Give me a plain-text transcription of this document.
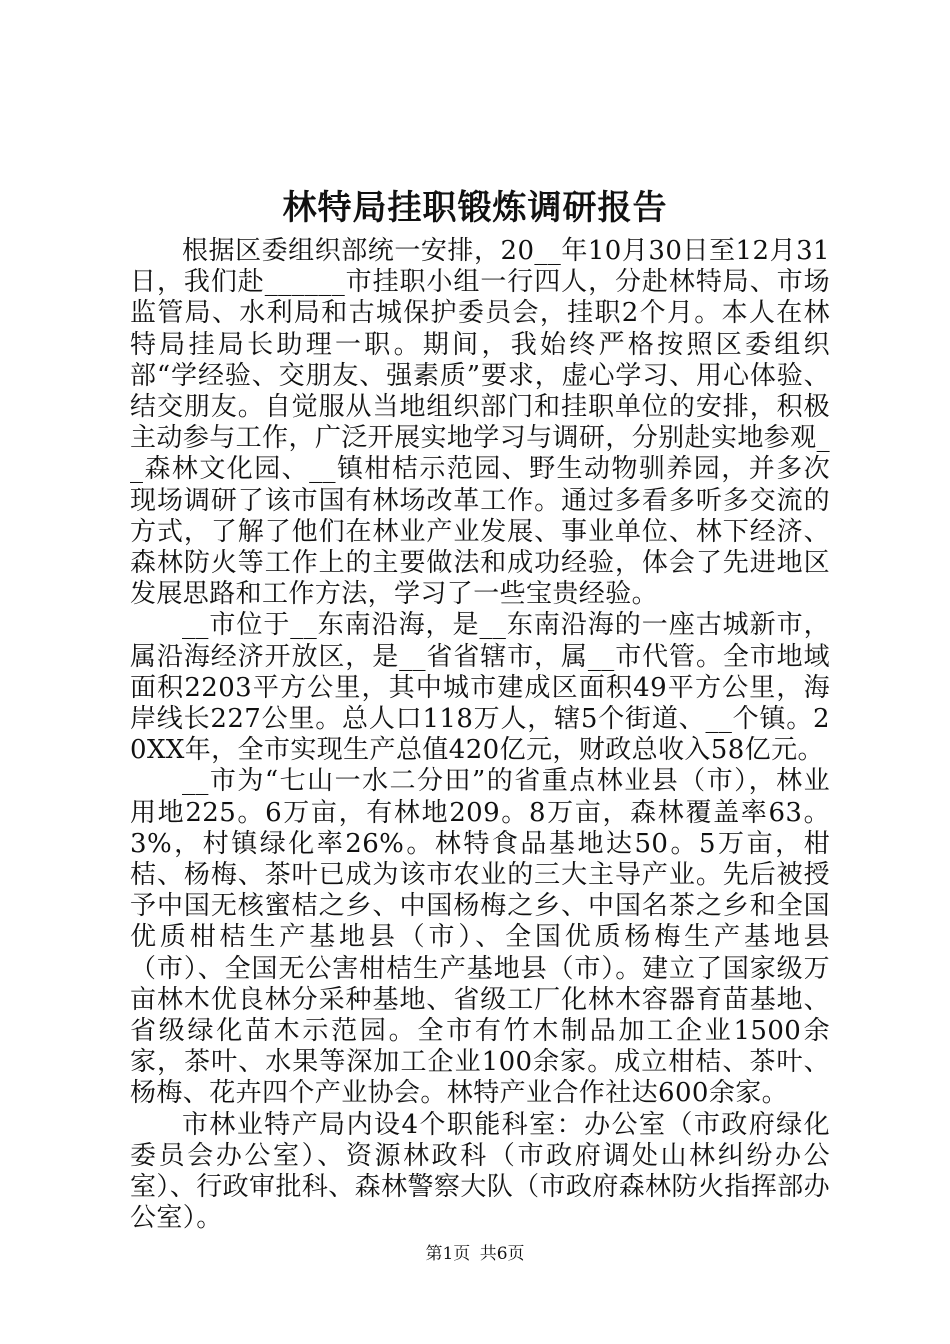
林特局挂职锻炼调研报告

根据区委组织部统一安排，20__年10月30日至12月31日，我们赴______市挂职小组一行四人，分赴林特局、市场监管局、水利局和古城保护委员会，挂职2个月。本人在林特局挂局长助理一职。期间，我始终严格按照区委组织部“学经验、交朋友、强素质”要求，虚心学习、用心体验、结交朋友。自觉服从当地组织部门和挂职单位的安排，积极主动参与工作，广泛开展实地学习与调研，分别赴实地参观__森林文化园、__镇柑桔示范园、野生动物驯养园，并多次现场调研了该市国有林场改革工作。通过多看多听多交流的方式，了解了他们在林业产业发展、事业单位、林下经济、森林防火等工作上的主要做法和成功经验，体会了先进地区发展思路和工作方法，学习了一些宝贵经验。

__市位于__东南沿海，是__东南沿海的一座古城新市，属沿海经济开放区，是__省省辖市，属__市代管。全市地域面积2203平方公里，其中城市建成区面积49平方公里，海岸线长227公里。总人口118万人，辖5个街道、__个镇。20XX年，全市实现生产总值420亿元，财政总收入58亿元。

__市为“七山一水二分田”的省重点林业县（市），林业用地225。6万亩，有林地209。8万亩，森林覆盖率63。3%，村镇绿化率26%。林特食品基地达50。5万亩，柑桔、杨梅、茶叶已成为该市农业的三大主导产业。先后被授予中国无核蜜桔之乡、中国杨梅之乡、中国名茶之乡和全国优质柑桔生产基地县（市）、全国优质杨梅生产基地县（市）、全国无公害柑桔生产基地县（市）。建立了国家级万亩林木优良林分采种基地、省级工厂化林木容器育苗基地、省级绿化苗木示范园。全市有竹木制品加工企业1500余家，茶叶、水果等深加工企业100余家。成立柑桔、茶叶、杨梅、花卉四个产业协会。林特产业合作社达600余家。

市林业特产局内设4个职能科室：办公室（市政府绿化委员会办公室）、资源林政科（市政府调处山林纠纷办公室）、行政审批科、森林警察大队（市政府森林防火指挥部办公室）。

第1页 共6页
